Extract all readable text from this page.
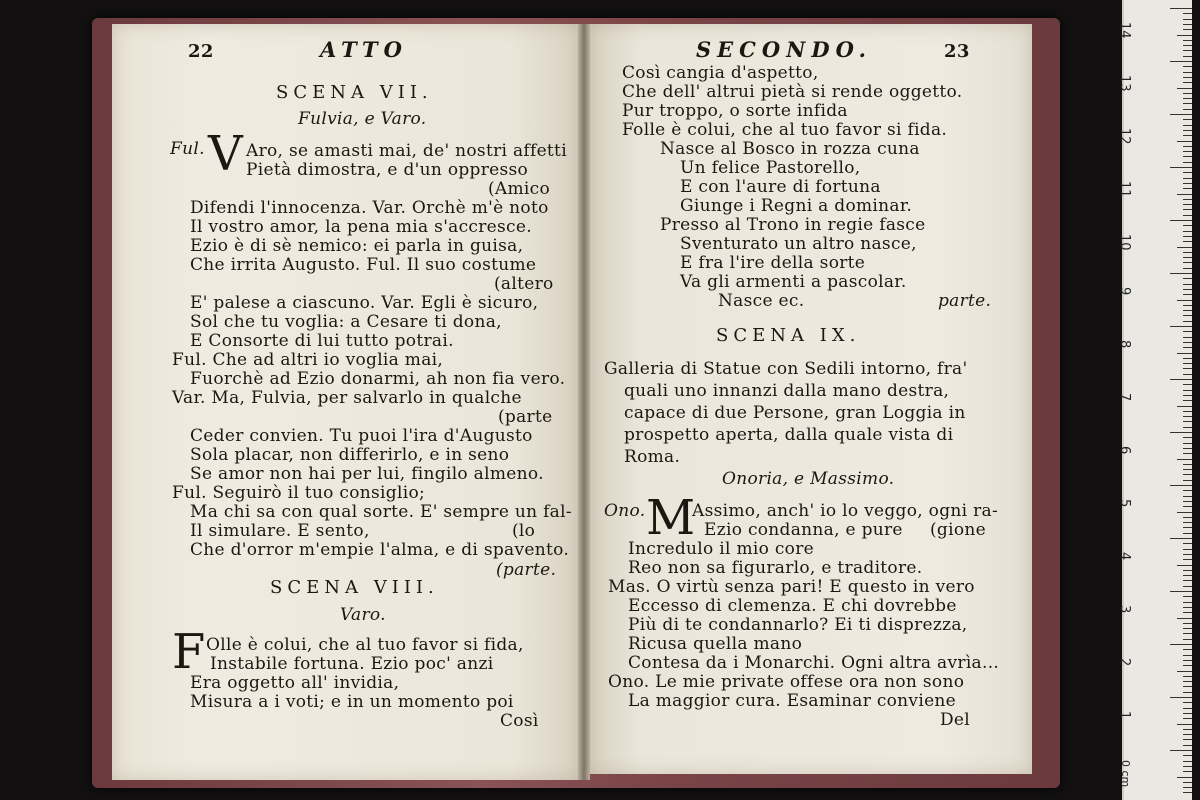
22	ATTO
SCENA VII.
Fulvia, e Varo.
Ful. V Aro, se amasti mai, de' nostri affetti
Pietà dimostra, e d'un oppresso
(Amico
Difendi l'innocenza. Var. Orchè m'è noto
Il vostro amor, la pena mia s'accresce.
Ezio è di sè nemico: ei parla in guisa,
Che irrita Augusto. Ful. Il suo costume
(altero
E' palese a ciascuno. Var. Egli è sicuro,
Sol che tu voglia: a Cesare ti dona,
E Consorte di lui tutto potrai.
Ful. Che ad altri io voglia mai,
Fuorchè ad Ezio donarmi, ah non fia vero.
Var. Ma, Fulvia, per salvarlo in qualche
(parte
Ceder convien. Tu puoi l'ira d'Augusto
Sola placar, non differirlo, e in seno
Se amor non hai per lui, fingilo almeno.
Ful. Seguirò il tuo consiglio;
Ma chi sa con qual sorte. E' sempre un fal-
Il simulare. E sento,	(lo
Che d'orror m'empie l'alma, e di spavento.
(parte.
SCENA VIII.
Varo.
F Olle è colui, che al tuo favor si fida,
Instabile fortuna. Ezio poc' anzi
Era oggetto all' invidia,
Misura a i voti; e in un momento poi
Così
SECONDO.	23
Così cangia d'aspetto,
Che dell' altrui pietà si rende oggetto.
Pur troppo, o sorte infida
Folle è colui, che al tuo favor si fida.
Nasce al Bosco in rozza cuna
Un felice Pastorello,
E con l'aure di fortuna
Giunge i Regni a dominar.
Presso al Trono in regie fasce
Sventurato un altro nasce,
E fra l'ire della sorte
Va gli armenti a pascolar.
Nasce ec.	parte.
SCENA IX.
Galleria di Statue con Sedili intorno, fra'
quali uno innanzi dalla mano destra,
capace di due Persone, gran Loggia in
prospetto aperta, dalla quale vista di
Roma.
Onoria, e Massimo.
Ono. M
Assimo, anch' io lo veggo, ogni ra-
Ezio condanna, e pure (gione
Incredulo il mio core
Reo non sa figurarlo, e traditore.
Mas. O virtù senza pari! E questo in vero
Eccesso di clemenza. E chi dovrebbe
Più di te condannarlo? Ei ti disprezza,
Ricusa quella mano
Contesa da i Monarchi. Ogni altra avrìa...
Ono. Le mie private offese ora non sono
La maggior cura. Esaminar conviene
Del
14
13
12
11
10
9
8
7
6
5
4
3
2
1
0 cm
